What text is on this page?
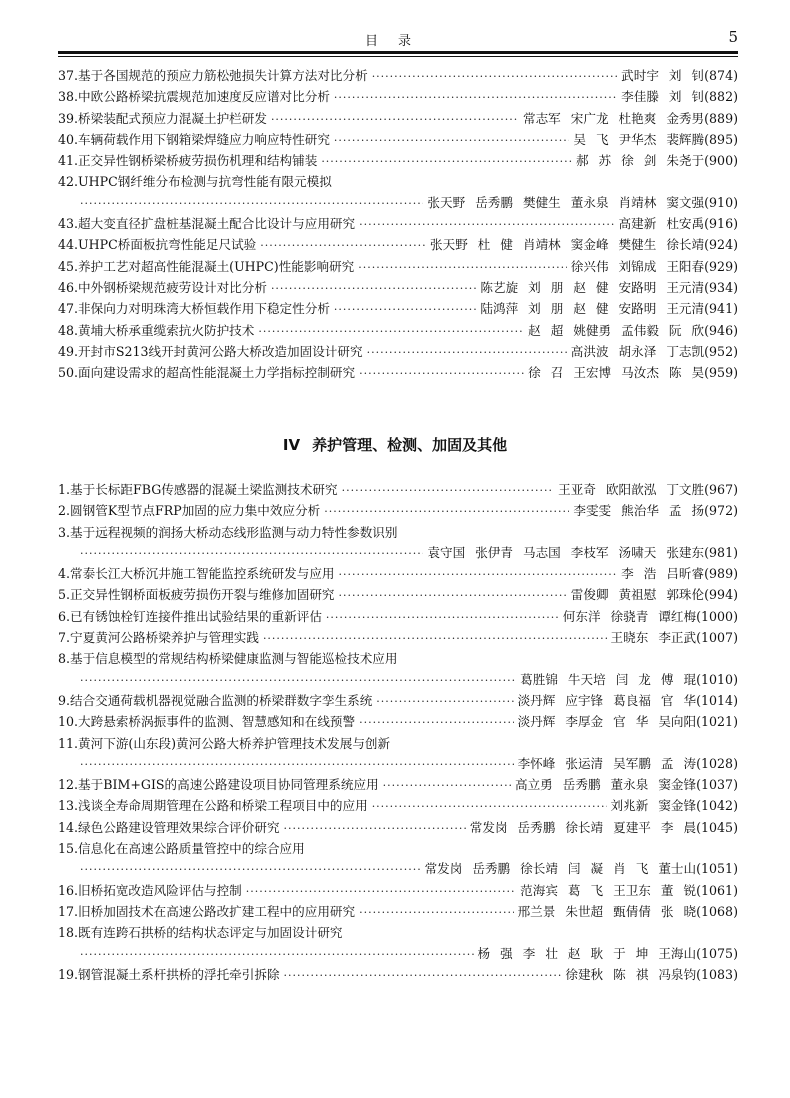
目录	5
37.基于各国规范的预应力筋松弛损失计算方法对比分析 ·····	武时宇 刘 钊 (874)
38.中欧公路桥梁抗震规范加速度反应谱对比分析 ·····	李佳滕 刘 钊 (882)
39.桥梁装配式预应力混凝土护栏研发 ·····	常志军 宋广龙 杜艳爽 金秀男 (889)
40.车辆荷载作用下钢箱梁焊缝应力响应特性研究 ·····	吴 飞 尹华杰 裴辉腾 (895)
41.正交异性钢桥梁桥疲劳损伤机理和结构铺装 ·····	郝 苏 徐 剑 朱尧于 (900)
42.UHPC钢纤维分布检测与抗弯性能有限元模拟
·····
张天野 岳秀鹏 樊健生 董永泉 肖靖林 窦文强 (910)
43.超大变直径扩盘桩基混凝土配合比设计与应用研究 ·····	高建新 杜安禹 (916)
44.UHPC桥面板抗弯性能足尺试验 ·····	张天野 杜 健 肖靖林 窦金峰 樊健生 徐长靖 (924)
45.养护工艺对超高性能混凝土(UHPC)性能影响研究 ·····	徐兴伟 刘锦成 王阳春 (929)
46.中外钢桥梁规范疲劳设计对比分析 ·····	陈艺旋 刘 朋 赵 健 安路明 王元清 (934)
47.非保向力对明珠湾大桥恒载作用下稳定性分析 ·····	陆鸿萍 刘 朋 赵 健 安路明 王元清 (941)
48.黄埔大桥承重缆索抗火防护技术 ·····	赵 超 姚健勇 孟伟毅 阮 欣 (946)
49.开封市S213线开封黄河公路大桥改造加固设计研究 ·····	高洪波 胡永泽 丁志凯 (952)
50.面向建设需求的超高性能混凝土力学指标控制研究 ·····	徐 召 王宏博 马汝杰 陈 昊 (959)
IV 养护管理、检测、加固及其他
1.基于长标距FBG传感器的混凝土梁监测技术研究 ·····	王亚奇 欧阳歆泓 丁文胜 (967)
2.圆钢管K型节点FRP加固的应力集中效应分析 ·····	李雯雯 熊治华 孟 扬 (972)
3.基于远程视频的润扬大桥动态线形监测与动力特性参数识别
·····
袁守国 张伊青 马志国 李枝军 汤啸天 张建东 (981)
4.常泰长江大桥沉井施工智能监控系统研发与应用 ·····	李 浩 吕昕睿 (989)
5.正交异性钢桥面板疲劳损伤开裂与维修加固研究 ·····	雷俊卿 黄祖慰 郭珠伦 (994)
6.已有锈蚀栓钉连接件推出试验结果的重新评估 ·····	何东洋 徐骁青 谭红梅 (1000)
7.宁夏黄河公路桥梁养护与管理实践 ·····	王晓东 李正武 (1007)
8.基于信息模型的常规结构桥梁健康监测与智能巡检技术应用
·····
葛胜锦 牛天培 闫 龙 傅 琨 (1010)
9.结合交通荷载机器视觉融合监测的桥梁群数字孪生系统 ·····	淡丹辉 应宇锋 葛良福 官 华 (1014)
10.大跨悬索桥涡振事件的监测、智慧感知和在线预警 ·····	淡丹辉 李厚金 官 华 吴向阳 (1021)
11.黄河下游(山东段)黄河公路大桥养护管理技术发展与创新
·····
李怀峰 张运清 吴军鹏 孟 涛 (1028)
12.基于BIM+GIS的高速公路建设项目协同管理系统应用 ·····	高立勇 岳秀鹏 董永泉 窦金锋 (1037)
13.浅谈全寿命周期管理在公路和桥梁工程项目中的应用 ·····	刘兆新 窦金锋 (1042)
14.绿色公路建设管理效果综合评价研究 ·····	常发岗 岳秀鹏 徐长靖 夏建平 李 晨 (1045)
15.信息化在高速公路质量管控中的综合应用
·····
常发岗 岳秀鹏 徐长靖 闫 凝 肖 飞 董士山 (1051)
16.旧桥拓宽改造风险评估与控制 ·····	范海宾 葛 飞 王卫东 董 锐 (1061)
17.旧桥加固技术在高速公路改扩建工程中的应用研究 ·····	邢兰景 朱世超 甄倩倩 张 晓 (1068)
18.既有连跨石拱桥的结构状态评定与加固设计研究
·····
杨 强 李 壮 赵 耿 于 坤 王海山 (1075)
19.钢管混凝土系杆拱桥的浮托牵引拆除 ·····	徐建秋 陈 祺 冯泉钧 (1083)
